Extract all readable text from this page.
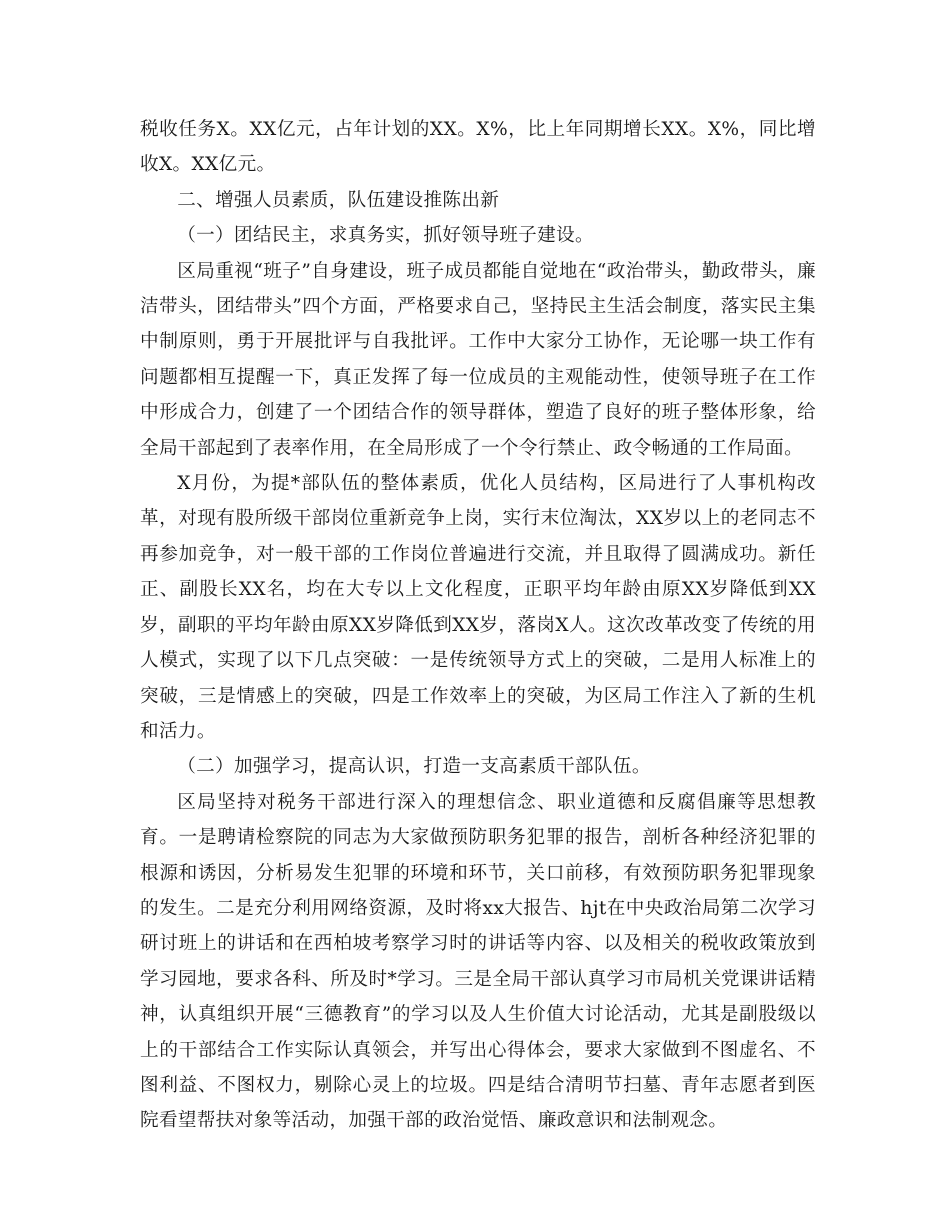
税收任务X。XX亿元，占年计划的XX。X%，比上年同期增长XX。X%，同比增收X。XX亿元。

二、增强人员素质，队伍建设推陈出新

（一）团结民主，求真务实，抓好领导班子建设。

区局重视“班子”自身建设，班子成员都能自觉地在“政治带头，勤政带头，廉洁带头，团结带头”四个方面，严格要求自己，坚持民主生活会制度，落实民主集中制原则，勇于开展批评与自我批评。工作中大家分工协作，无论哪一块工作有问题都相互提醒一下，真正发挥了每一位成员的主观能动性，使领导班子在工作中形成合力，创建了一个团结合作的领导群体，塑造了良好的班子整体形象，给全局干部起到了表率作用，在全局形成了一个令行禁止、政令畅通的工作局面。

X月份，为提*部队伍的整体素质，优化人员结构，区局进行了人事机构改革，对现有股所级干部岗位重新竞争上岗，实行末位淘汰，XX岁以上的老同志不再参加竞争，对一般干部的工作岗位普遍进行交流，并且取得了圆满成功。新任正、副股长XX名，均在大专以上文化程度，正职平均年龄由原XX岁降低到XX岁，副职的平均年龄由原XX岁降低到XX岁，落岗X人。这次改革改变了传统的用人模式，实现了以下几点突破：一是传统领导方式上的突破，二是用人标准上的突破，三是情感上的突破，四是工作效率上的突破，为区局工作注入了新的生机和活力。

（二）加强学习，提高认识，打造一支高素质干部队伍。

区局坚持对税务干部进行深入的理想信念、职业道德和反腐倡廉等思想教育。一是聘请检察院的同志为大家做预防职务犯罪的报告，剖析各种经济犯罪的根源和诱因，分析易发生犯罪的环境和环节，关口前移，有效预防职务犯罪现象的发生。二是充分利用网络资源，及时将xx大报告、hjt在中央政治局第二次学习研讨班上的讲话和在西柏坡考察学习时的讲话等内容、以及相关的税收政策放到学习园地，要求各科、所及时*学习。三是全局干部认真学习市局机关党课讲话精神，认真组织开展“三德教育”的学习以及人生价值大讨论活动，尤其是副股级以上的干部结合工作实际认真领会，并写出心得体会，要求大家做到不图虚名、不图利益、不图权力，剔除心灵上的垃圾。四是结合清明节扫墓、青年志愿者到医院看望帮扶对象等活动，加强干部的政治觉悟、廉政意识和法制观念。
